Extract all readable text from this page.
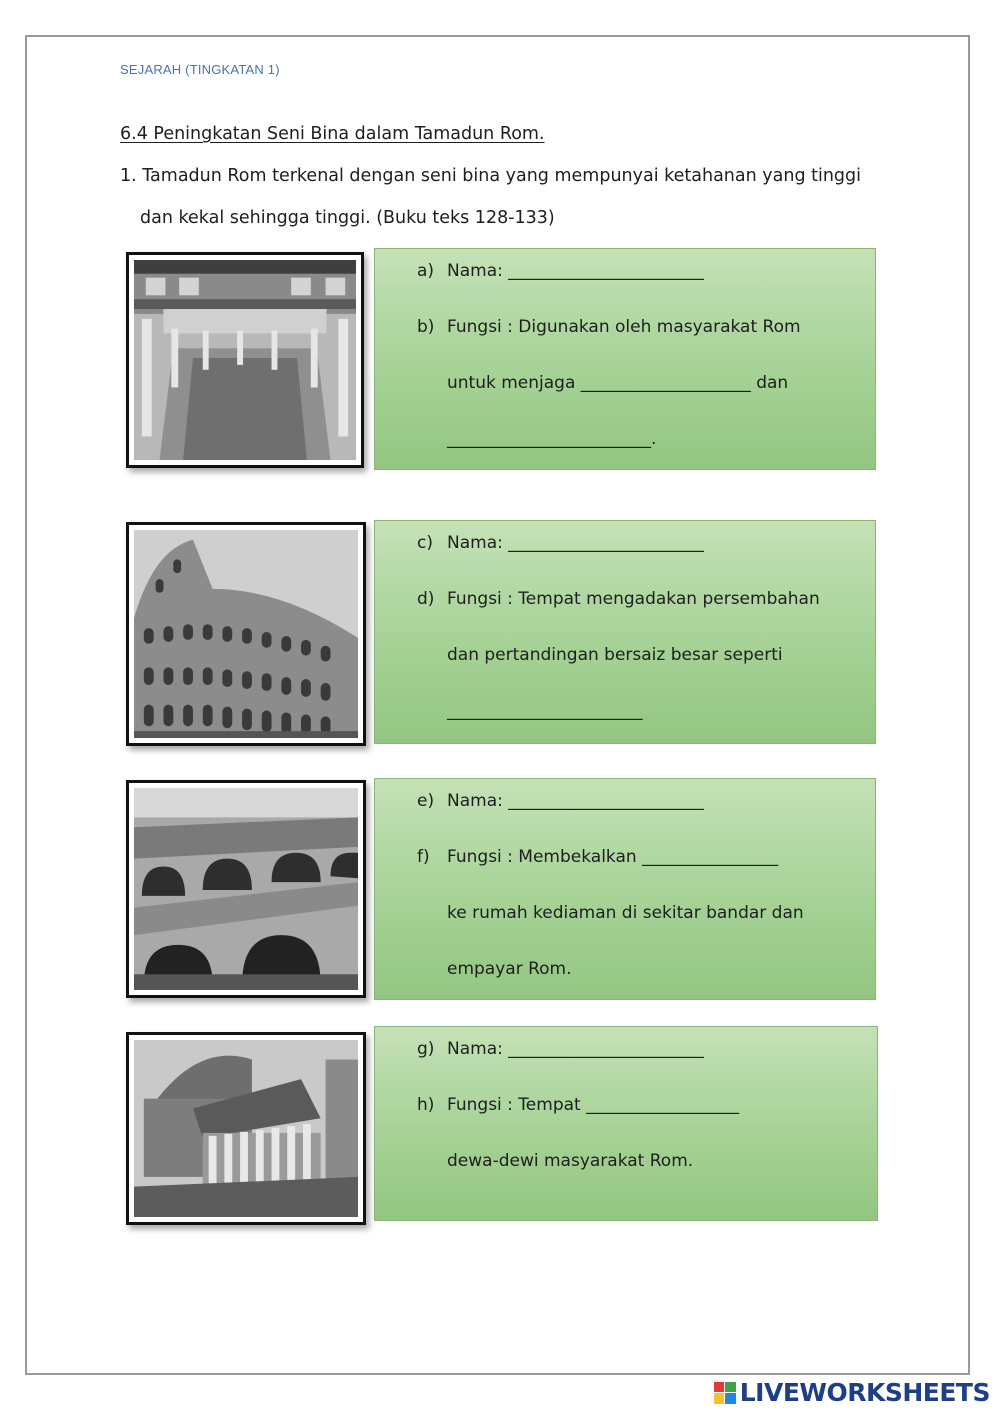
SEJARAH (TINGKATAN 1)
6.4 Peningkatan Seni Bina dalam Tamadun Rom.
1. Tamadun Rom terkenal dengan seni bina yang mempunyai ketahanan yang tinggi
dan kekal sehingga tinggi. (Buku teks 128-133)
a) Nama: _______________________
b) Fungsi : Digunakan oleh masyarakat Rom
untuk menjaga ____________________ dan
________________________.
c) Nama: _______________________
d) Fungsi : Tempat mengadakan persembahan
dan pertandingan bersaiz besar seperti
_______________________
e) Nama: _______________________
f) Fungsi : Membekalkan ________________
ke rumah kediaman di sekitar bandar dan
empayar Rom.
g) Nama: _______________________
h) Fungsi : Tempat __________________
dewa-dewi masyarakat Rom.
LIVEWORKSHEETS
